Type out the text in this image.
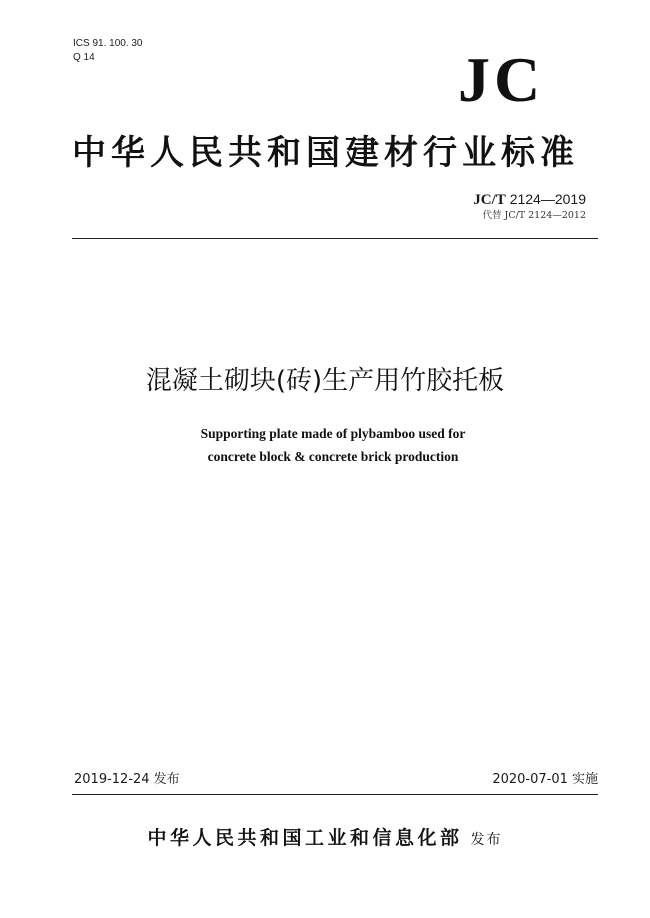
ICS 91. 100. 30
Q 14	JC
中华人民共和国建材行业标准
JC/T 2124—2019
代替 JC/T 2124—2012
混凝土砌块(砖)生产用竹胶托板
Supporting plate made of plybamboo used for
concrete block & concrete brick production
2019-12-24 发布	2020-07-01 实施
中华人民共和国工业和信息化部 发布
